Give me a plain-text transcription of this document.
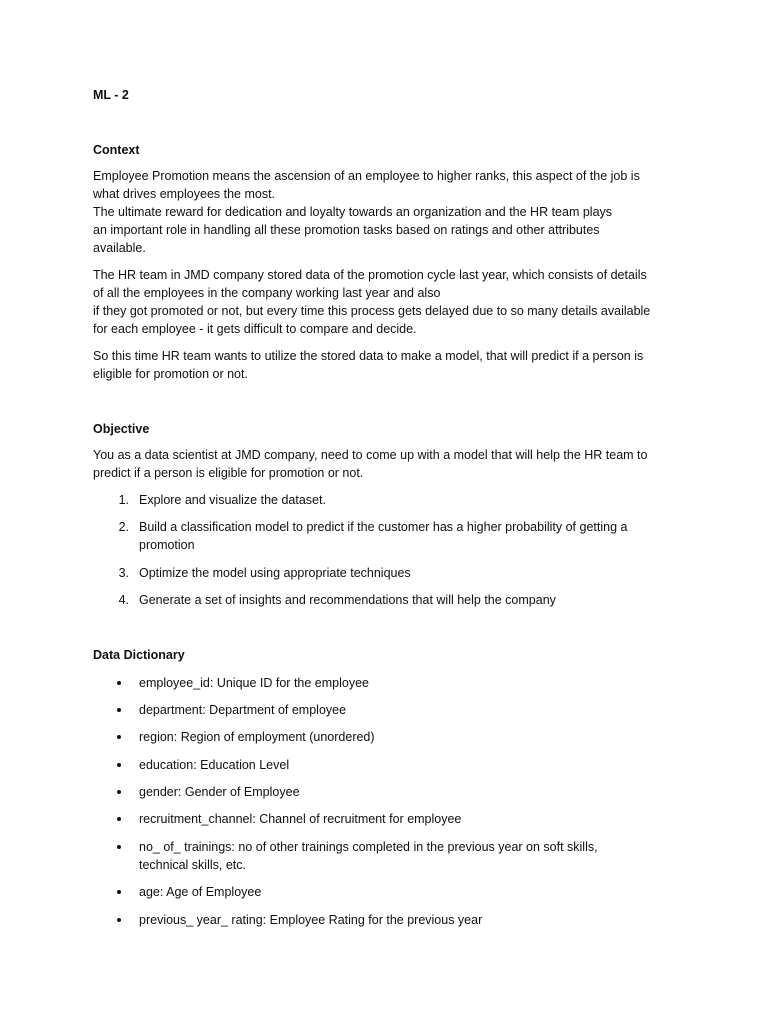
ML - 2
Context

Employee Promotion means the ascension of an employee to higher ranks, this aspect of the job is
what drives employees the most.
The ultimate reward for dedication and loyalty towards an organization and the HR team plays
an important role in handling all these promotion tasks based on ratings and other attributes
available.

The HR team in JMD company stored data of the promotion cycle last year, which consists of details
of all the employees in the company working last year and also
if they got promoted or not, but every time this process gets delayed due to so many details available
for each employee - it gets difficult to compare and decide.

So this time HR team wants to utilize the stored data to make a model, that will predict if a person is
eligible for promotion or not.

Objective

You as a data scientist at JMD company, need to come up with a model that will help the HR team to
predict if a person is eligible for promotion or not.

1. Explore and visualize the dataset.
2. Build a classification model to predict if the customer has a higher probability of getting a
promotion
3. Optimize the model using appropriate techniques
4. Generate a set of insights and recommendations that will help the company
Data Dictionary
employee_id: Unique ID for the employee
department: Department of employee
region: Region of employment (unordered)
education: Education Level
gender: Gender of Employee
recruitment_channel: Channel of recruitment for employee
no_ of_ trainings: no of other trainings completed in the previous year on soft skills,
technical skills, etc.
age: Age of Employee
previous_ year_ rating: Employee Rating for the previous year
